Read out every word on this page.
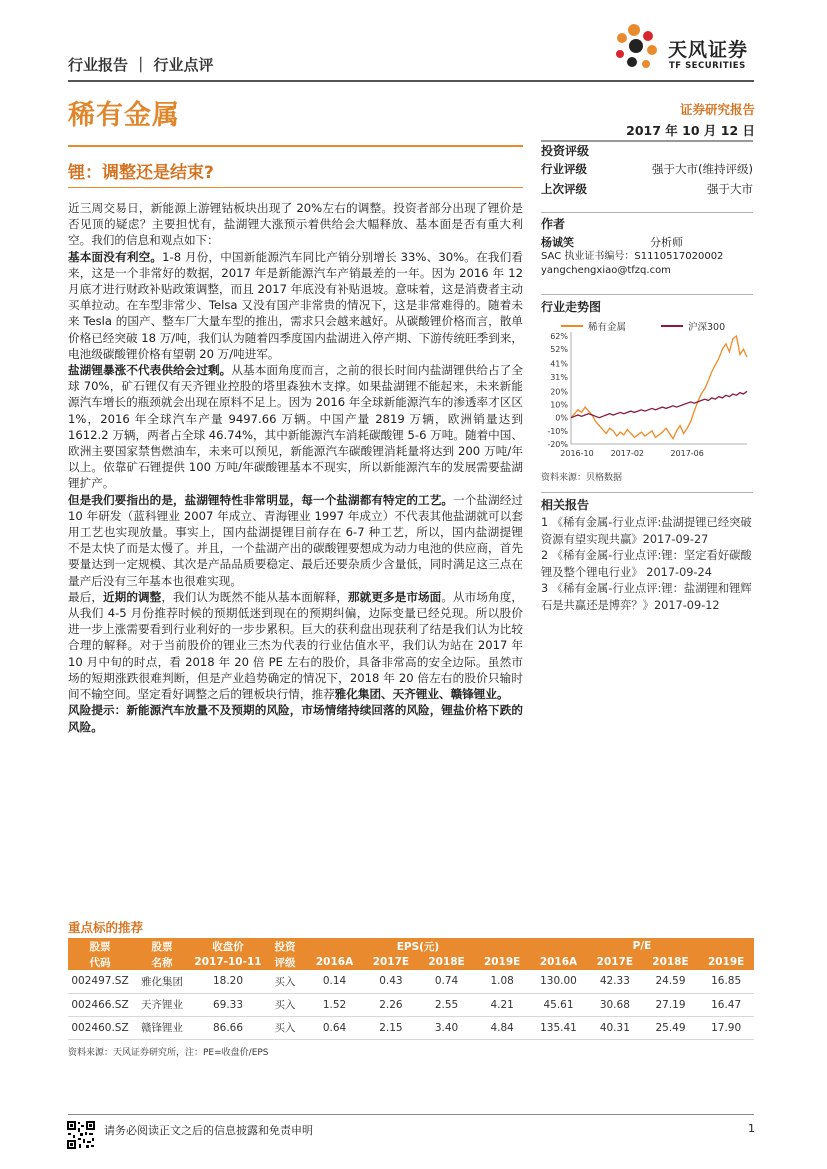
行业报告 ｜ 行业点评
天风证券
TF SECURITIES
稀有金属	证券研究报告
2017 年 10 月 12 日
锂：调整还是结束?

近三周交易日，新能源上游锂钴板块出现了 20%左右的调整。投资者部分出现了锂价是否见顶的疑虑？主要担忧有，盐湖锂大涨预示着供给会大幅释放、基本面是否有重大利空。我们的信息和观点如下：

基本面没有利空。1-8 月份，中国新能源汽车同比产销分别增长 33%、30%。在我们看来，这是一个非常好的数据，2017 年是新能源汽车产销最差的一年。因为 2016 年 12 月底才进行财政补贴政策调整，而且 2017 年底没有补贴退坡。意味着，这是消费者主动买单拉动。在车型非常少、Telsa 又没有国产非常贵的情况下，这是非常难得的。随着未来 Tesla 的国产、整车厂大量车型的推出，需求只会越来越好。从碳酸锂价格而言，散单价格已经突破 18 万/吨，我们认为随着四季度国内盐湖进入停产期、下游传统旺季到来，电池级碳酸锂价格有望朝 20 万/吨进军。

盐湖锂暴涨不代表供给会过剩。从基本面角度而言，之前的很长时间内盐湖锂供给占了全球 70%，矿石锂仅有天齐锂业控股的塔里森独木支撑。如果盐湖锂不能起来，未来新能源汽车增长的瓶颈就会出现在原料不足上。因为 2016 年全球新能源汽车的渗透率才区区 1%，2016 年全球汽车产量 9497.66 万辆。中国产量 2819 万辆，欧洲销量达到 1612.2 万辆，两者占全球 46.74%，其中新能源汽车消耗碳酸锂 5-6 万吨。随着中国、欧洲主要国家禁售燃油车，未来可以预见，新能源汽车碳酸锂消耗量将达到 200 万吨/年以上。依靠矿石锂提供 100 万吨/年碳酸锂基本不现实，所以新能源汽车的发展需要盐湖锂扩产。

但是我们要指出的是，盐湖锂特性非常明显，每一个盐湖都有特定的工艺。一个盐湖经过 10 年研发（蓝科锂业 2007 年成立、青海锂业 1997 年成立）不代表其他盐湖就可以套用工艺也实现放量。事实上，国内盐湖提锂目前存在 6-7 种工艺，所以，国内盐湖提锂不是太快了而是太慢了。并且，一个盐湖产出的碳酸锂要想成为动力电池的供应商，首先要量达到一定规模、其次是产品品质要稳定、最后还要杂质少含量低，同时满足这三点在量产后没有三年基本也很难实现。

最后，近期的调整，我们认为既然不能从基本面解释，那就更多是市场面。从市场角度，从我们 4-5 月份推荐时候的预期低迷到现在的预期纠偏，边际变量已经兑现。所以股价进一步上涨需要看到行业利好的一步步累积。巨大的获利盘出现获利了结是我们认为比较合理的解释。对于当前股价的锂业三杰为代表的行业估值水平，我们认为站在 2017 年 10 月中旬的时点，看 2018 年 20 倍 PE 左右的股价，具备非常高的安全边际。虽然市场的短期涨跌很难判断，但是产业趋势确定的情况下，2018 年 20 倍左右的股价只输时间不输空间。坚定看好调整之后的锂板块行情，推荐雅化集团、天齐锂业、赣锋锂业。

风险提示：新能源汽车放量不及预期的风险，市场情绪持续回落的风险，锂盐价格下跌的风险。

投资评级
行业评级	强于大市(维持评级)
上次评级	强于大市
作者
杨诚笑	分析师
SAC 执业证书编号：S1110517020002
yangchengxiao@tfzq.com
行业走势图
稀有金属	沪深300
-20%
-10%
0%
10%
20%
31%
41%
52%
62%
2016-10 2017-02	2017-06
资料来源：贝格数据
相关报告
1 《稀有金属-行业点评:盐湖提锂已经突破 资源有望实现共赢》2017-09-27
2 《稀有金属-行业点评:锂：坚定看好碳酸锂及整个锂电行业》 2017-09-24
3 《稀有金属-行业点评:锂：盐湖锂和锂辉石是共赢还是博弈？》2017-09-12
重点标的推荐
股票	股票	收盘价	投资	EPS(元)				P/E			
代码	名称	2017-10-11	评级	2016A	2017E	2018E	2019E	2016A	2017E	2018E	2019E
002497.SZ	雅化集团	18.20	买入	0.14	0.43	0.74	1.08	130.00	42.33	24.59	16.85
002466.SZ	天齐锂业	69.33	买入	1.52	2.26	2.55	4.21	45.61	30.68	27.19	16.47
002460.SZ	赣锋锂业	86.66	买入	0.64	2.15	3.40	4.84	135.41	40.31	25.49	17.90
资料来源：天风证券研究所，注：PE=收盘价/EPS
请务必阅读正文之后的信息披露和免责申明	1
